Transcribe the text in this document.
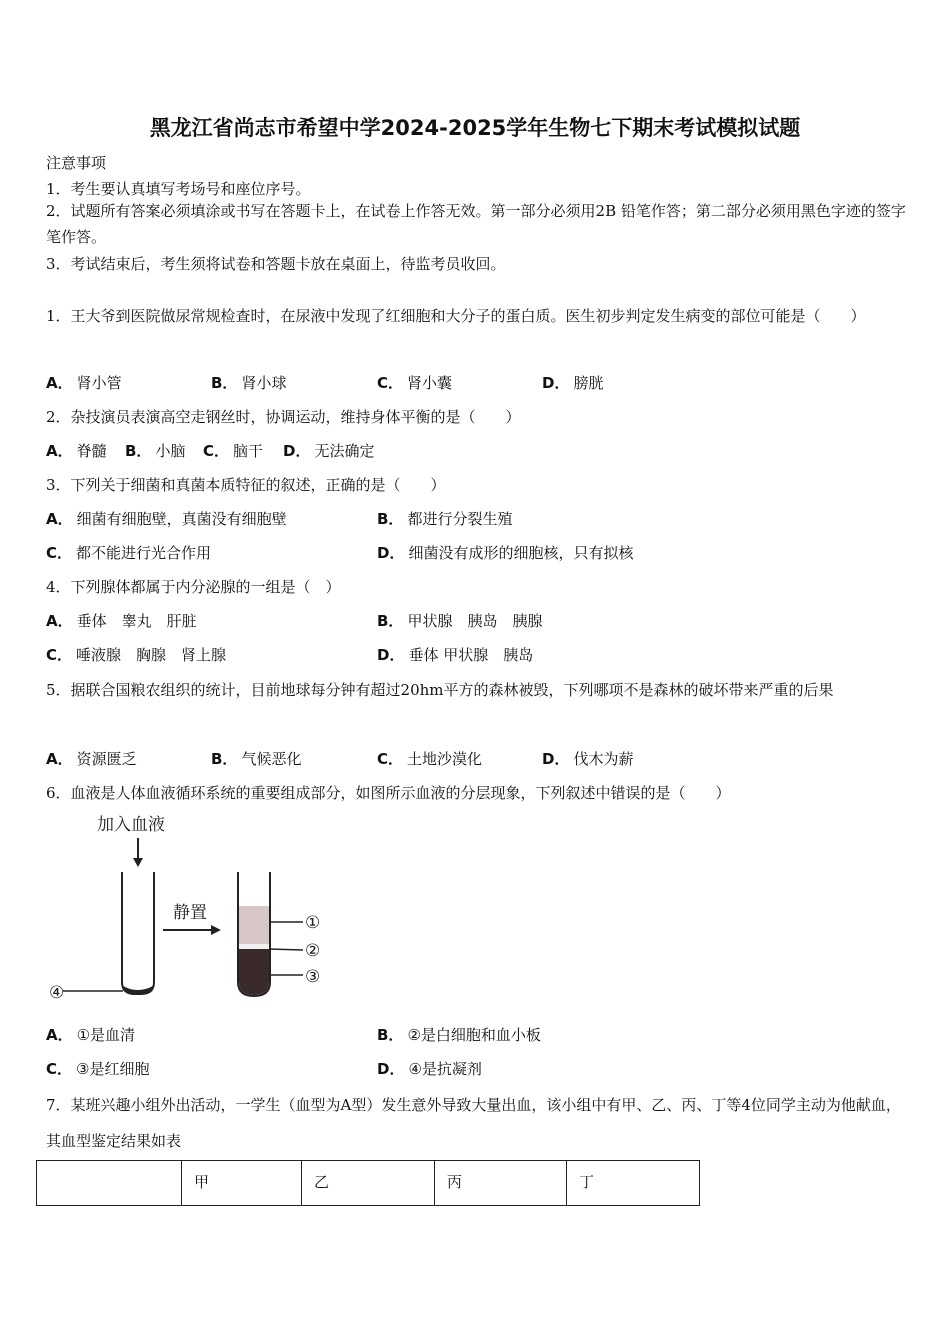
黑龙江省尚志市希望中学2024-2025学年生物七下期末考试模拟试题
注意事项
1．考生要认真填写考场号和座位序号。
2．试题所有答案必须填涂或书写在答题卡上，在试卷上作答无效。第一部分必须用2B 铅笔作答；第二部分必须用黑色字迹的签字笔作答。
3．考试结束后，考生须将试卷和答题卡放在桌面上，待监考员收回。
1．王大爷到医院做尿常规检查时，在尿液中发现了红细胞和大分子的蛋白质。医生初步判定发生病变的部位可能是（　　）
A． 肾小管	B． 肾小球	C． 肾小囊	D． 膀胱
2．杂技演员表演高空走钢丝时，协调运动，维持身体平衡的是（　　）
A． 脊髓 B． 小脑 C． 脑干 D． 无法确定
3．下列关于细菌和真菌本质特征的叙述，正确的是（　　）
A． 细菌有细胞壁，真菌没有细胞壁	B． 都进行分裂生殖
C． 都不能进行光合作用	D． 细菌没有成形的细胞核，只有拟核
4．下列腺体都属于内分泌腺的一组是（　）
A． 垂体　睾丸　肝脏	B． 甲状腺　胰岛　胰腺
C． 唾液腺　胸腺　肾上腺	D． 垂体 甲状腺　胰岛
5．据联合国粮农组织的统计，目前地球每分钟有超过20hm平方的森林被毁，下列哪项不是森林的破坏带来严重的后果
A． 资源匮乏	B． 气候恶化	C． 土地沙漠化	D． 伐木为薪
6．血液是人体血液循环系统的重要组成部分，如图所示血液的分层现象，下列叙述中错误的是（　　）
加入血液
④
静置	①
②
③
A． ①是血清	B． ②是白细胞和血小板
C． ③是红细胞	D． ④是抗凝剂
7．某班兴趣小组外出活动，一学生（血型为A型）发生意外导致大量出血，该小组中有甲、乙、丙、丁等4位同学主动为他献血，其血型鉴定结果如表
	甲	乙	丙	丁
